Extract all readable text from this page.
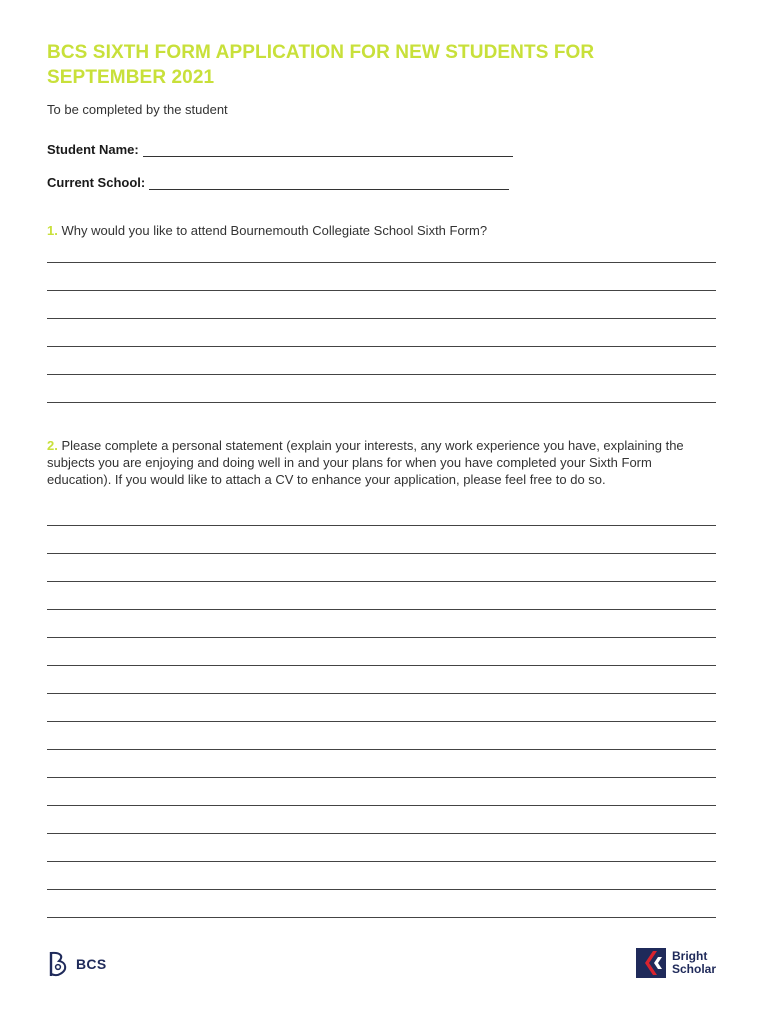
BCS SIXTH FORM APPLICATION FOR NEW STUDENTS FOR SEPTEMBER 2021

To be completed by the student

Student Name:
Current School:

1. Why would you like to attend Bournemouth Collegiate School Sixth Form?

2. Please complete a personal statement (explain your interests, any work experience you have, explaining the subjects you are enjoying and doing well in and your plans for when you have completed your Sixth Form education). If you would like to attach a CV to enhance your application, please feel free to do so.

BCS	Bright
Scholar
